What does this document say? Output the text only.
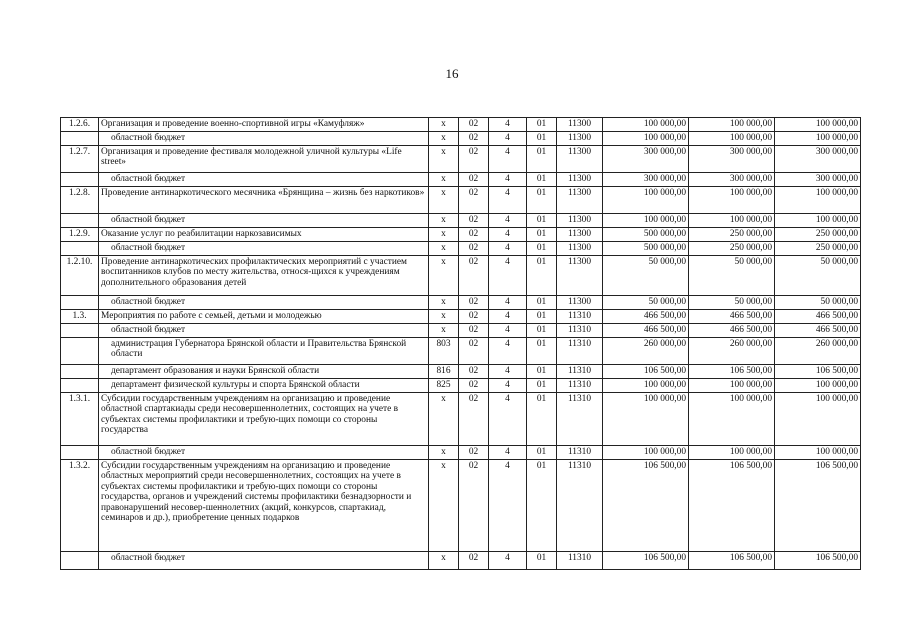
16
1.2.6.	Организация и проведение военно-спортивной игры «Камуфляж»	х	02	4	01	11300	100 000,00	100 000,00	100 000,00
	областной бюджет	х	02	4	01	11300	100 000,00	100 000,00	100 000,00
1.2.7.	Организация и проведение фестиваля молодежной уличной культуры «Life street»	х	02	4	01	11300	300 000,00	300 000,00	300 000,00
	областной бюджет	х	02	4	01	11300	300 000,00	300 000,00	300 000,00
1.2.8.	Проведение антинаркотического месячника «Брянщина – жизнь без наркотиков»	х	02	4	01	11300	100 000,00	100 000,00	100 000,00
	областной бюджет	х	02	4	01	11300	100 000,00	100 000,00	100 000,00
1.2.9.	Оказание услуг по реабилитации наркозависимых	х	02	4	01	11300	500 000,00	250 000,00	250 000,00
	областной бюджет	х	02	4	01	11300	500 000,00	250 000,00	250 000,00
1.2.10.	Проведение антинаркотических профилактических мероприятий с участием воспитанников клубов по месту жительства, относя-щихся к учреждениям дополнительного образования детей	х	02	4	01	11300	50 000,00	50 000,00	50 000,00
	областной бюджет	х	02	4	01	11300	50 000,00	50 000,00	50 000,00
1.3.	Мероприятия по работе с семьей, детьми и молодежью	х	02	4	01	11310	466 500,00	466 500,00	466 500,00
	областной бюджет	х	02	4	01	11310	466 500,00	466 500,00	466 500,00
	администрация Губернатора Брянской области и Правительства Брянской области	803	02	4	01	11310	260 000,00	260 000,00	260 000,00
	департамент образования и науки Брянской области	816	02	4	01	11310	106 500,00	106 500,00	106 500,00
	департамент физической культуры и спорта Брянской области	825	02	4	01	11310	100 000,00	100 000,00	100 000,00
1.3.1.	Субсидии государственным учреждениям на организацию и проведение областной спартакиады среди несовершеннолетних, состоящих на учете в субъектах системы профилактики и требую-щих помощи со стороны государства	х	02	4	01	11310	100 000,00	100 000,00	100 000,00
	областной бюджет	х	02	4	01	11310	100 000,00	100 000,00	100 000,00
1.3.2.	Субсидии государственным учреждениям на организацию и проведение областных мероприятий среди несовершеннолетних, состоящих на учете в субъектах системы профилактики и требую-щих помощи со стороны государства, органов и учреждений системы профилактики безнадзорности и правонарушений несовер-шеннолетних (акций, конкурсов, спартакиад, семинаров и др.), приобретение ценных подарков	х	02	4	01	11310	106 500,00	106 500,00	106 500,00
	областной бюджет	х	02	4	01	11310	106 500,00	106 500,00	106 500,00
